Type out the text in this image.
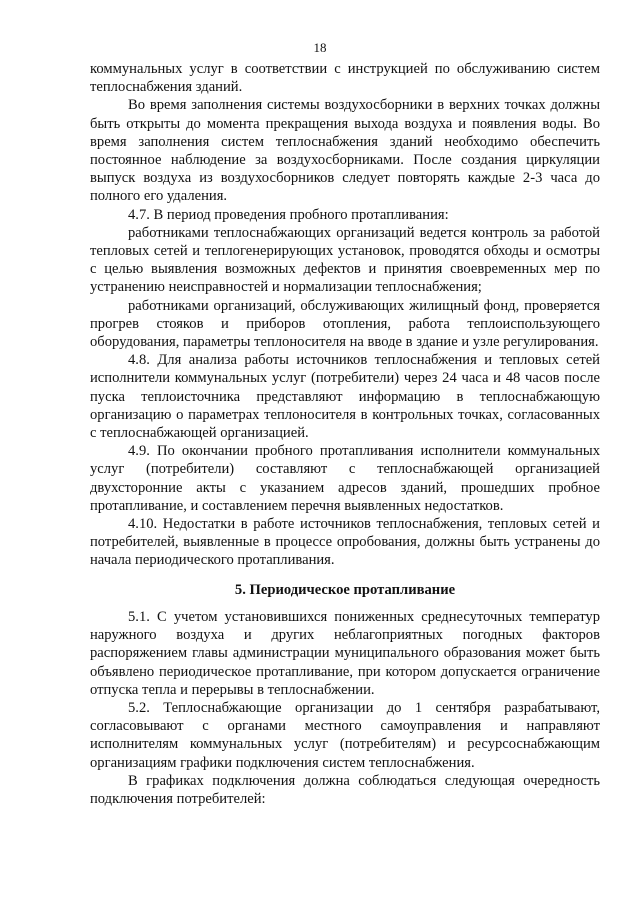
18

коммунальных услуг в соответствии с инструкцией по обслуживанию систем теплоснабжения зданий.

Во время заполнения системы воздухосборники в верхних точках должны быть открыты до момента прекращения выхода воздуха и появления воды. Во время заполнения систем теплоснабжения зданий необходимо обеспечить постоянное наблюдение за воздухосборниками. После создания циркуляции выпуск воздуха из воздухосборников следует повторять каждые 2-3 часа до полного его удаления.

4.7. В период проведения пробного протапливания:

работниками теплоснабжающих организаций ведется контроль за работой тепловых сетей и теплогенерирующих установок, проводятся обходы и осмотры с целью выявления возможных дефектов и принятия своевременных мер по устранению неисправностей и нормализации теплоснабжения;

работниками организаций, обслуживающих жилищный фонд, проверяется прогрев стояков и приборов отопления, работа теплоиспользующего оборудования, параметры теплоносителя на вводе в здание и узле регулирования.

4.8. Для анализа работы источников теплоснабжения и тепловых сетей исполнители коммунальных услуг (потребители) через 24 часа и 48 часов после пуска теплоисточника представляют информацию в теплоснабжающую организацию о параметрах теплоносителя в контрольных точках, согласованных с теплоснабжающей организацией.

4.9. По окончании пробного протапливания исполнители коммунальных услуг (потребители) составляют с теплоснабжающей организацией двухсторонние акты с указанием адресов зданий, прошедших пробное протапливание, и составлением перечня выявленных недостатков.

4.10. Недостатки в работе источников теплоснабжения, тепловых сетей и потребителей, выявленные в процессе опробования, должны быть устранены до начала периодического протапливания.

5. Периодическое протапливание

5.1. С учетом установившихся пониженных среднесуточных температур наружного воздуха и других неблагоприятных погодных факторов распоряжением главы администрации муниципального образования может быть объявлено периодическое протапливание, при котором допускается ограничение отпуска тепла и перерывы в теплоснабжении.

5.2. Теплоснабжающие организации до 1 сентября разрабатывают, согласовывают с органами местного самоуправления и направляют исполнителям коммунальных услуг (потребителям) и ресурсоснабжающим организациям графики подключения систем теплоснабжения.

В графиках подключения должна соблюдаться следующая очередность подключения потребителей:
